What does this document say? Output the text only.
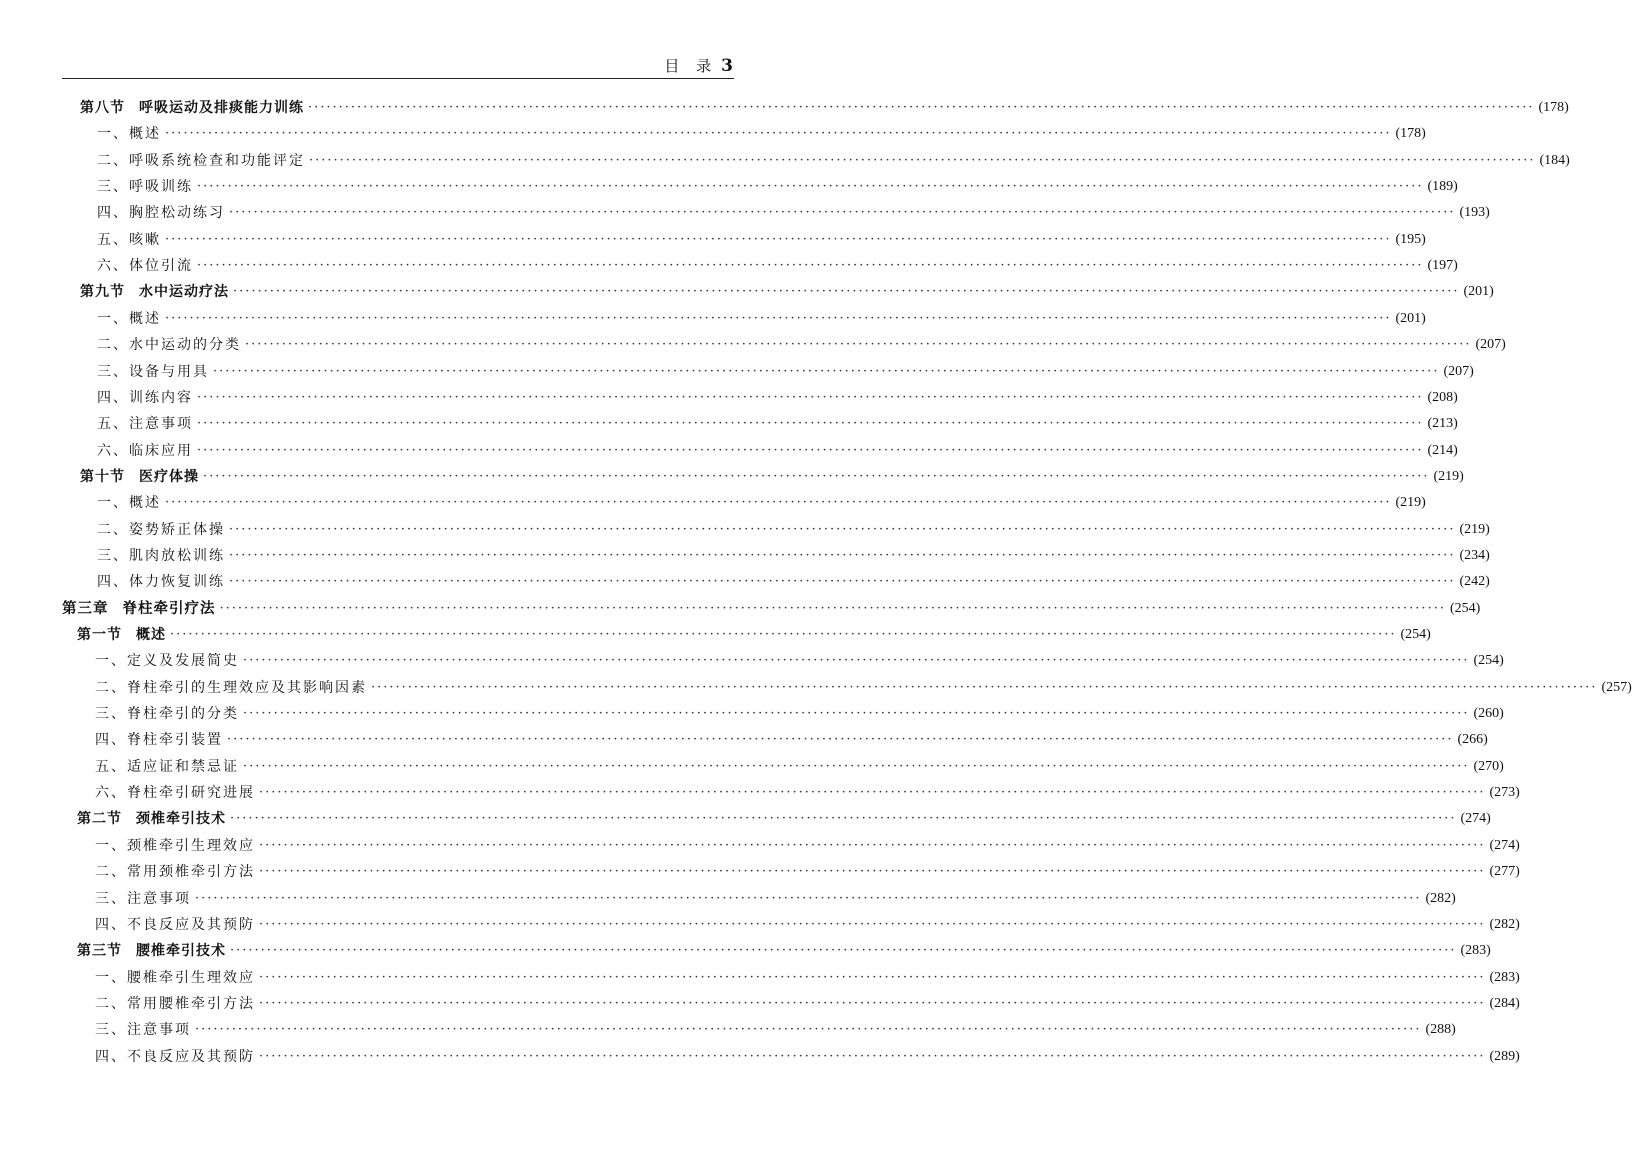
目 录 3
第八节 呼吸运动及排痰能力训练 ········································································································································································································ (178)
一、概述 ········································································································································································································ (178)
二、呼吸系统检查和功能评定 ········································································································································································································ (184)
三、呼吸训练 ········································································································································································································ (189)
四、胸腔松动练习 ········································································································································································································ (193)
五、咳嗽 ········································································································································································································ (195)
六、体位引流 ········································································································································································································ (197)
第九节 水中运动疗法 ········································································································································································································ (201)
一、概述 ········································································································································································································ (201)
二、水中运动的分类 ········································································································································································································ (207)
三、设备与用具 ········································································································································································································ (207)
四、训练内容 ········································································································································································································ (208)
五、注意事项 ········································································································································································································ (213)
六、临床应用 ········································································································································································································ (214)
第十节 医疗体操 ········································································································································································································ (219)
一、概述 ········································································································································································································ (219)
二、姿势矫正体操 ········································································································································································································ (219)
三、肌肉放松训练 ········································································································································································································ (234)
四、体力恢复训练 ········································································································································································································ (242)
第三章 脊柱牵引疗法 ········································································································································································································ (254)
第一节 概述 ········································································································································································································ (254)
一、定义及发展简史 ········································································································································································································ (254)
二、脊柱牵引的生理效应及其影响因素 ········································································································································································································ (257)
三、脊柱牵引的分类 ········································································································································································································ (260)
四、脊柱牵引装置 ········································································································································································································ (266)
五、适应证和禁忌证 ········································································································································································································ (270)
六、脊柱牵引研究进展 ········································································································································································································ (273)
第二节 颈椎牵引技术 ········································································································································································································ (274)
一、颈椎牵引生理效应 ········································································································································································································ (274)
二、常用颈椎牵引方法 ········································································································································································································ (277)
三、注意事项 ········································································································································································································ (282)
四、不良反应及其预防 ········································································································································································································ (282)
第三节 腰椎牵引技术 ········································································································································································································ (283)
一、腰椎牵引生理效应 ········································································································································································································ (283)
二、常用腰椎牵引方法 ········································································································································································································ (284)
三、注意事项 ········································································································································································································ (288)
四、不良反应及其预防 ········································································································································································································ (289)
